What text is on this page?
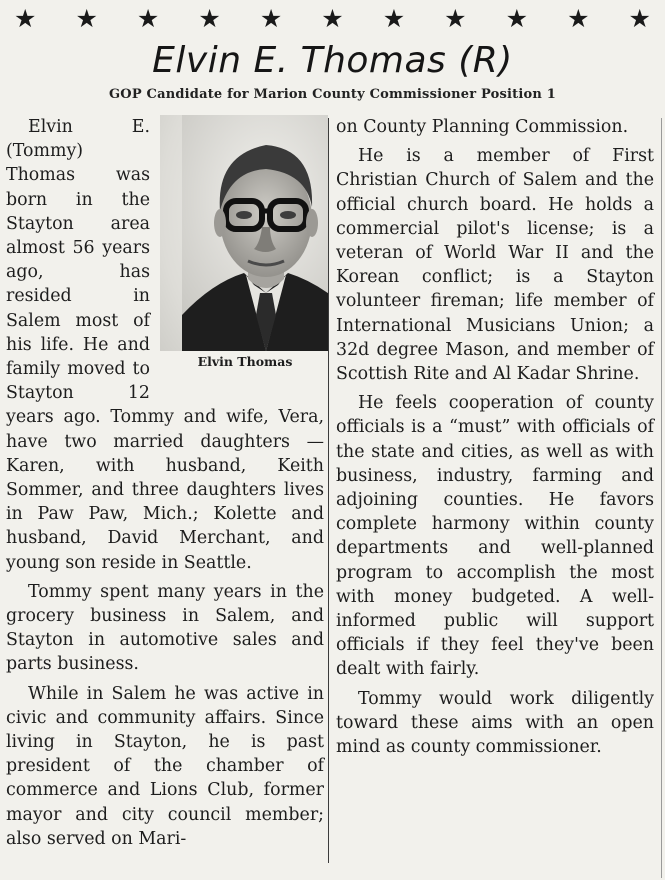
★ ★ ★ ★ ★ ★ ★ ★ ★ ★ ★
Elvin E. Thomas (R)
GOP Candidate for Marion County Commissioner Position 1

Elvin Thomas
Elvin E. (Tommy) Thomas was born in the Stayton area almost 56 years ago, has resided in Salem most of his life. He and family moved to Stayton 12 years ago. Tommy and wife, Vera, have two married daughters — Karen, with husband, Keith Sommer, and three daughters lives in Paw Paw, Mich.; Kolette and husband, David Merchant, and young son reside in Seattle.

Tommy spent many years in the grocery business in Salem, and Stayton in automotive sales and parts business.

While in Salem he was active in civic and community affairs. Since living in Stayton, he is past president of the chamber of commerce and Lions Club, former mayor and city council member; also served on Mari-

on County Planning Commission.

He is a member of First Christian Church of Salem and the official church board. He holds a commercial pilot's license; is a veteran of World War II and the Korean conflict; is a Stayton volunteer fireman; life member of International Musicians Union; a 32d degree Mason, and member of Scottish Rite and Al Kadar Shrine.

He feels cooperation of county officials is a “must” with officials of the state and cities, as well as with business, industry, farming and adjoining counties. He favors complete harmony within county departments and well-planned program to accomplish the most with money budgeted. A well-informed public will support officials if they feel they've been dealt with fairly.

Tommy would work diligently toward these aims with an open mind as county commissioner.
